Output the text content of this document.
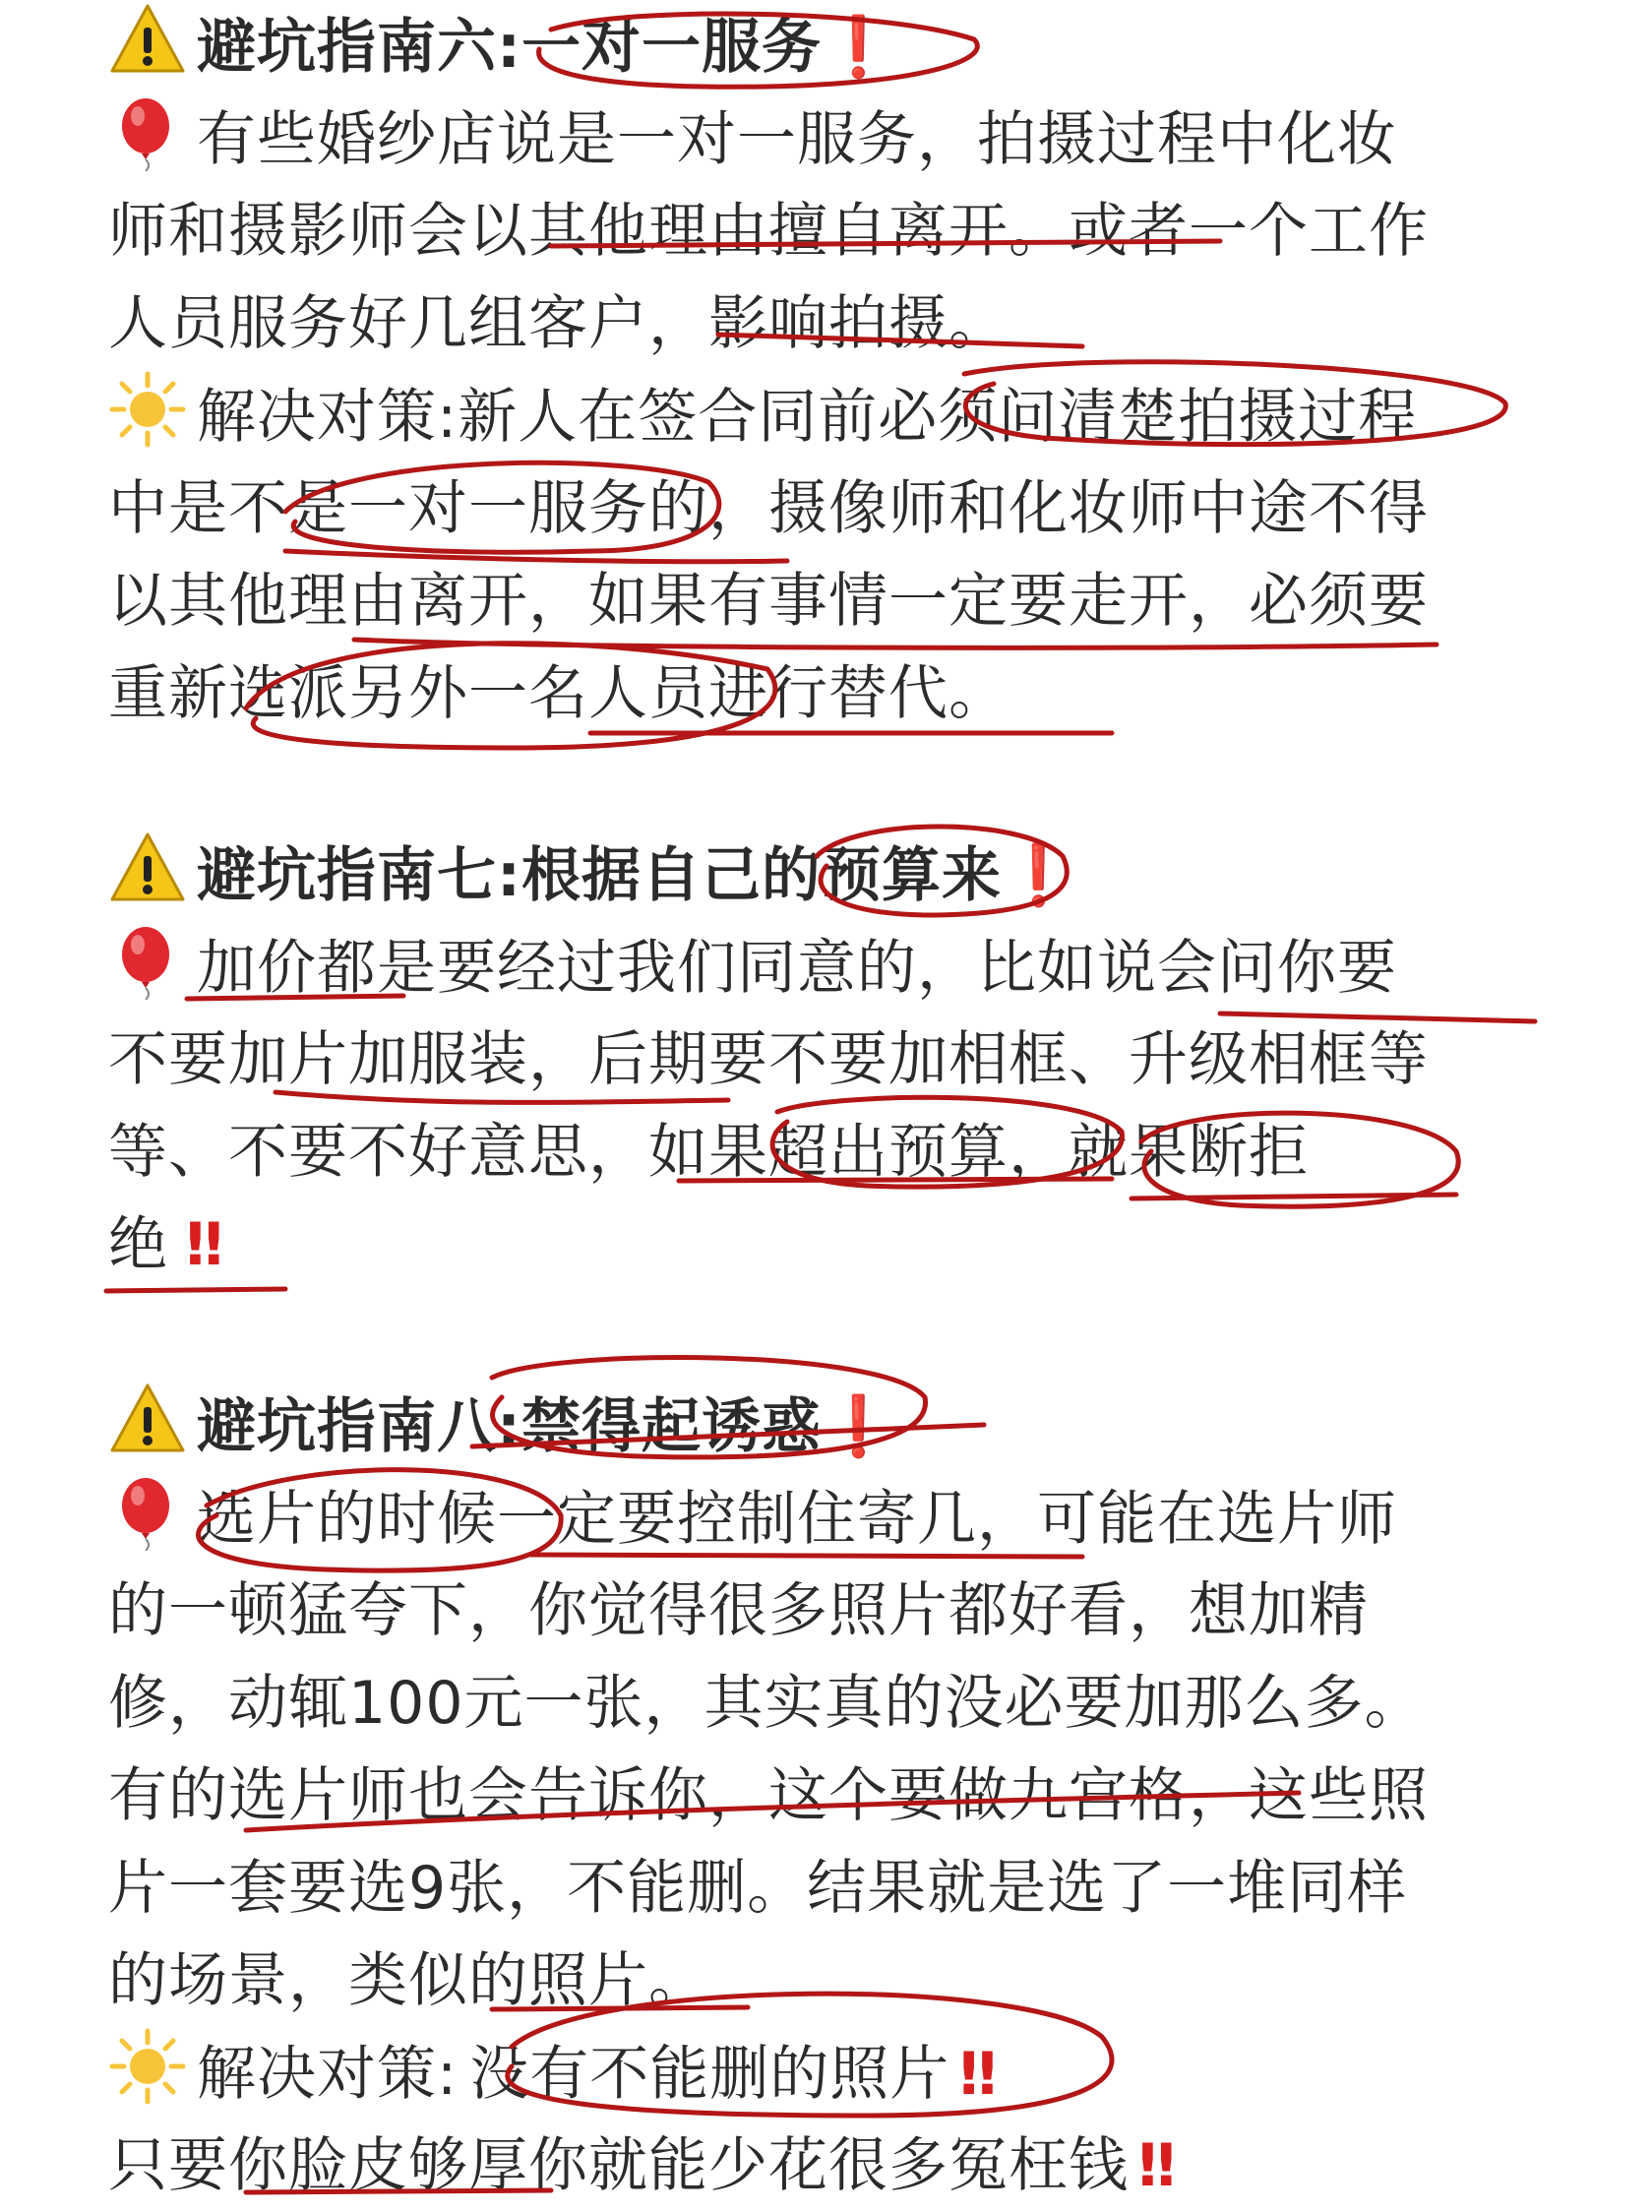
避坑指南六:一对一服务❗
有些婚纱店说是一对一服务，拍摄过程中化妆
师和摄影师会以其他理由擅自离开。或者一个工作
人员服务好几组客户，影响拍摄。
解决对策:新人在签合同前必须问清楚拍摄过程
中是不是一对一服务的，摄像师和化妆师中途不得
以其他理由离开，如果有事情一定要走开，必须要
重新选派另外一名人员进行替代。
避坑指南七:根据自己的预算来❗
加价都是要经过我们同意的，比如说会问你要
不要加片加服装，后期要不要加相框、升级相框等
等、不要不好意思，如果超出预算，就果断拒
绝 ‼
避坑指南八:禁得起诱惑❗
选片的时候一定要控制住寄几，可能在选片师
的一顿猛夸下，你觉得很多照片都好看，想加精
修，动辄100元一张，其实真的没必要加那么多。
有的选片师也会告诉你，这个要做九宫格，这些照
片一套要选9张，不能删。结果就是选了一堆同样
的场景，类似的照片。
解决对策: 没有不能删的照片 ‼
只要你脸皮够厚你就能少花很多冤枉钱 ‼
